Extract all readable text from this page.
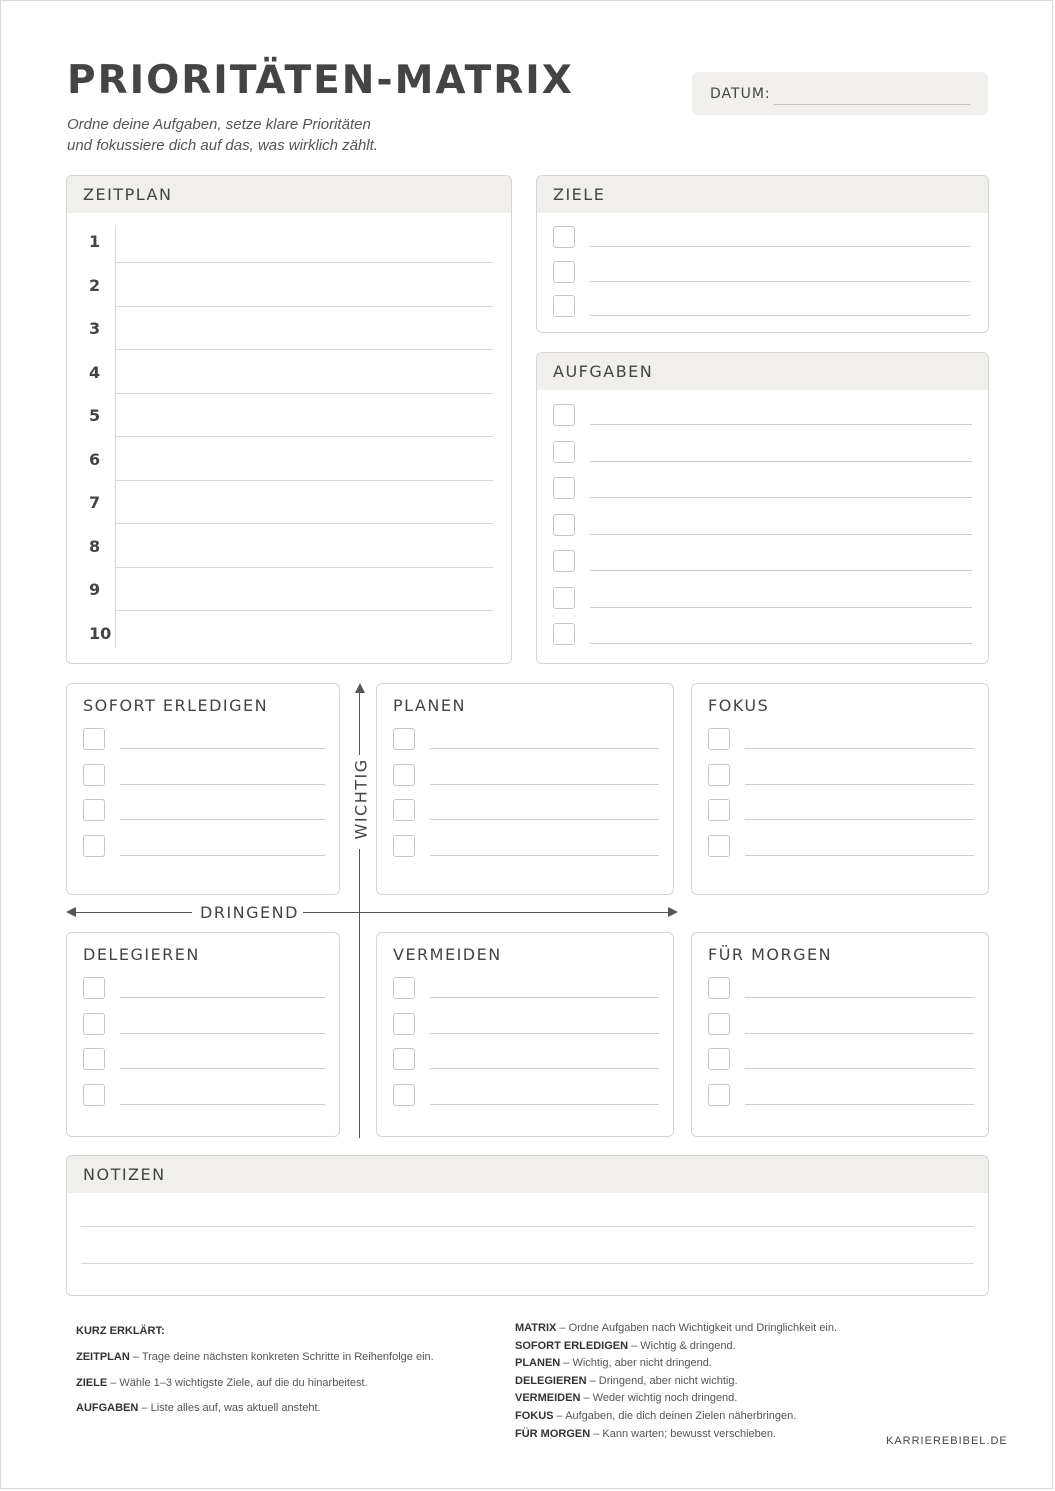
PRIORITÄTEN-MATRIX
Ordne deine Aufgaben, setze klare Prioritäten
und fokussiere dich auf das, was wirklich zählt.
DATUM:
ZEITPLAN
1
2
3
4
5
6
7
8
9
10
ZIELE
AUFGABEN
SOFORT ERLEDIGEN	PLANEN	FOKUS
DELEGIEREN	VERMEIDEN	FÜR MORGEN
DRINGEND
WICHTIG
NOTIZEN
KURZ ERKLÄRT:
ZEITPLAN – Trage deine nächsten konkreten Schritte in Reihenfolge ein.
ZIELE – Wähle 1–3 wichtigste Ziele, auf die du hinarbeitest.
AUFGABEN – Liste alles auf, was aktuell ansteht.
MATRIX – Ordne Aufgaben nach Wichtigkeit und Dringlichkeit ein.
SOFORT ERLEDIGEN – Wichtig & dringend.
PLANEN – Wichtig, aber nicht dringend.
DELEGIEREN – Dringend, aber nicht wichtig.
VERMEIDEN – Weder wichtig noch dringend.
FOKUS – Aufgaben, die dich deinen Zielen näherbringen.
FÜR MORGEN – Kann warten; bewusst verschieben.
KARRIEREBIBEL.DE
